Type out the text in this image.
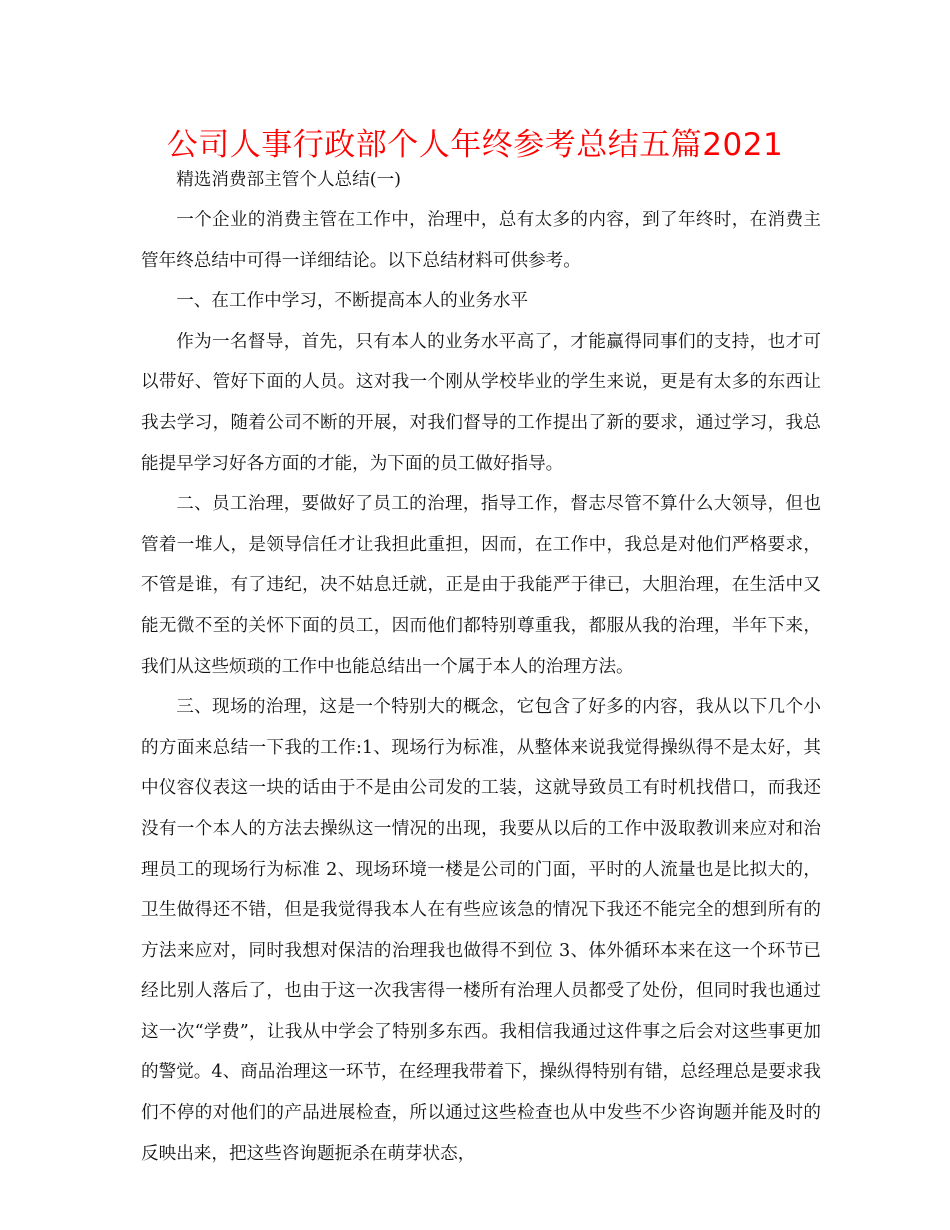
公司人事行政部个人年终参考总结五篇2021

精选消费部主管个人总结(一)

一个企业的消费主管在工作中，治理中，总有太多的内容，到了年终时，在消费主管年终总结中可得一详细结论。以下总结材料可供参考。

一、在工作中学习，不断提高本人的业务水平

作为一名督导，首先，只有本人的业务水平高了，才能赢得同事们的支持，也才可以带好、管好下面的人员。这对我一个刚从学校毕业的学生来说，更是有太多的东西让我去学习，随着公司不断的开展，对我们督导的工作提出了新的要求，通过学习，我总能提早学习好各方面的才能，为下面的员工做好指导。

二、员工治理，要做好了员工的治理，指导工作，督志尽管不算什么大领导，但也管着一堆人，是领导信任才让我担此重担，因而，在工作中，我总是对他们严格要求，不管是谁，有了违纪，决不姑息迁就，正是由于我能严于律已，大胆治理，在生活中又能无微不至的关怀下面的员工，因而他们都特别尊重我，都服从我的治理，半年下来，我们从这些烦琐的工作中也能总结出一个属于本人的治理方法。

三、现场的治理，这是一个特别大的概念，它包含了好多的内容，我从以下几个小的方面来总结一下我的工作:1、现场行为标准，从整体来说我觉得操纵得不是太好，其中仪容仪表这一块的话由于不是由公司发的工装，这就导致员工有时机找借口，而我还没有一个本人的方法去操纵这一情况的出现，我要从以后的工作中汲取教训来应对和治理员工的现场行为标准 2、现场环境一楼是公司的门面，平时的人流量也是比拟大的，卫生做得还不错，但是我觉得我本人在有些应该急的情况下我还不能完全的想到所有的方法来应对，同时我想对保洁的治理我也做得不到位 3、体外循环本来在这一个环节已经比别人落后了，也由于这一次我害得一楼所有治理人员都受了处份，但同时我也通过这一次“学费”，让我从中学会了特别多东西。我相信我通过这件事之后会对这些事更加的警觉。4、商品治理这一环节，在经理我带着下，操纵得特别有错，总经理总是要求我们不停的对他们的产品进展检查，所以通过这些检查也从中发些不少咨询题并能及时的反映出来，把这些咨询题扼杀在萌芽状态，
